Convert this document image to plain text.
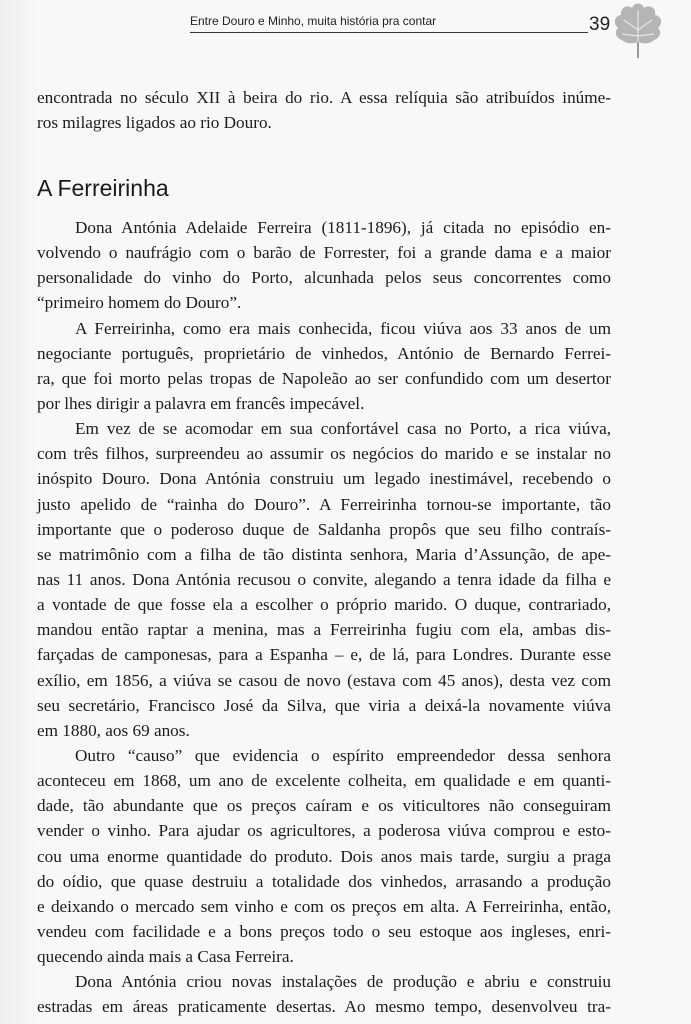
Entre Douro e Minho, muita história pra contar	39
encontrada no século XII à beira do rio. A essa relíquia são atribuídos inúme-
ros milagres ligados ao rio Douro.
A Ferreirinha
Dona Antónia Adelaide Ferreira (1811-1896), já citada no episódio en-
volvendo o naufrágio com o barão de Forrester, foi a grande dama e a maior
personalidade do vinho do Porto, alcunhada pelos seus concorrentes como
“primeiro homem do Douro”.
A Ferreirinha, como era mais conhecida, ficou viúva aos 33 anos de um
negociante português, proprietário de vinhedos, António de Bernardo Ferrei-
ra, que foi morto pelas tropas de Napoleão ao ser confundido com um desertor
por lhes dirigir a palavra em francês impecável.
Em vez de se acomodar em sua confortável casa no Porto, a rica viúva,
com três filhos, surpreendeu ao assumir os negócios do marido e se instalar no
inóspito Douro. Dona Antónia construiu um legado inestimável, recebendo o
justo apelido de “rainha do Douro”. A Ferreirinha tornou-se importante, tão
importante que o poderoso duque de Saldanha propôs que seu filho contraís-
se matrimônio com a filha de tão distinta senhora, Maria d’Assunção, de ape-
nas 11 anos. Dona Antónia recusou o convite, alegando a tenra idade da filha e
a vontade de que fosse ela a escolher o próprio marido. O duque, contrariado,
mandou então raptar a menina, mas a Ferreirinha fugiu com ela, ambas dis-
farçadas de camponesas, para a Espanha – e, de lá, para Londres. Durante esse
exílio, em 1856, a viúva se casou de novo (estava com 45 anos), desta vez com
seu secretário, Francisco José da Silva, que viria a deixá-la novamente viúva
em 1880, aos 69 anos.
Outro “causo” que evidencia o espírito empreendedor dessa senhora
aconteceu em 1868, um ano de excelente colheita, em qualidade e em quanti-
dade, tão abundante que os preços caíram e os viticultores não conseguiram
vender o vinho. Para ajudar os agricultores, a poderosa viúva comprou e esto-
cou uma enorme quantidade do produto. Dois anos mais tarde, surgiu a praga
do oídio, que quase destruiu a totalidade dos vinhedos, arrasando a produção
e deixando o mercado sem vinho e com os preços em alta. A Ferreirinha, então,
vendeu com facilidade e a bons preços todo o seu estoque aos ingleses, enri-
quecendo ainda mais a Casa Ferreira.
Dona Antónia criou novas instalações de produção e abriu e construiu
estradas em áreas praticamente desertas. Ao mesmo tempo, desenvolveu tra-
